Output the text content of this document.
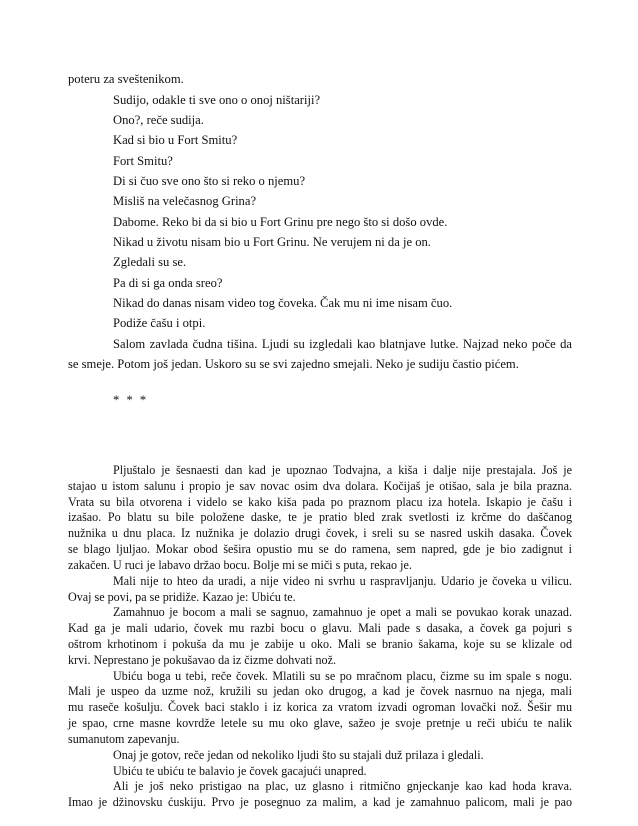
poteru za sveštenikom.
Sudijo, odakle ti sve ono o onoj ništariji?
Ono?, reče sudija.
Kad si bio u Fort Smitu?
Fort Smitu?
Di si čuo sve ono što si reko o njemu?
Misliš na velečasnog Grina?
Dabome. Reko bi da si bio u Fort Grinu pre nego što si došo ovde.
Nikad u životu nisam bio u Fort Grinu. Ne verujem ni da je on.
Zgledali su se.
Pa di si ga onda sreo?
Nikad do danas nisam video tog čoveka. Čak mu ni ime nisam čuo.
Podiže čašu i otpi.
Salom zavlada čudna tišina. Ljudi su izgledali kao blatnjave lutke. Najzad neko poče da
se smeje. Potom još jedan. Uskoro su se svi zajedno smejali. Neko je sudiju častio pićem.
* * *
Pljuštalo je šesnaesti dan kad je upoznao Todvajna, a kiša i dalje nije prestajala. Još je
stajao u istom salunu i propio je sav novac osim dva dolara. Kočijaš je otišao, sala je bila prazna.
Vrata su bila otvorena i videlo se kako kiša pada po praznom placu iza hotela. Iskapio je čašu i
izašao. Po blatu su bile položene daske, te je pratio bled zrak svetlosti iz krčme do daščanog
nužnika u dnu placa. Iz nužnika je dolazio drugi čovek, i sreli su se nasred uskih dasaka. Čovek
se blago ljuljao. Mokar obod šešira opustio mu se do ramena, sem napred, gde je bio zadignut i
zakačen. U ruci je labavo držao bocu. Bolje mi se miči s puta, rekao je.
Mali nije to hteo da uradi, a nije video ni svrhu u raspravljanju. Udario je čoveka u vilicu.
Ovaj se povi, pa se pridiže. Kazao je: Ubiću te.
Zamahnuo je bocom a mali se sagnuo, zamahnuo je opet a mali se povukao korak unazad.
Kad ga je mali udario, čovek mu razbi bocu o glavu. Mali pade s dasaka, a čovek ga pojuri s
oštrom krhotinom i pokuša da mu je zabije u oko. Mali se branio šakama, koje su se klizale od
krvi. Neprestano je pokušavao da iz čizme dohvati nož.
Ubiću boga u tebi, reče čovek. Mlatili su se po mračnom placu, čizme su im spale s nogu.
Mali je uspeo da uzme nož, kružili su jedan oko drugog, a kad je čovek nasrnuo na njega, mali
mu raseče košulju. Čovek baci staklo i iz korica za vratom izvadi ogroman lovački nož. Šešir mu
je spao, crne masne kovrdže letele su mu oko glave, sažeo je svoje pretnje u reči ubiću te nalik
sumanutom zapevanju.
Onaj je gotov, reče jedan od nekoliko ljudi što su stajali duž prilaza i gledali.
Ubiću te ubiću te balavio je čovek gacajući unapred.
Ali je još neko pristigao na plac, uz glasno i ritmično gnjeckanje kao kad hoda krava.
Imao je džinovsku ćuskiju. Prvo je posegnuo za malim, a kad je zamahnuo palicom, mali je pao
